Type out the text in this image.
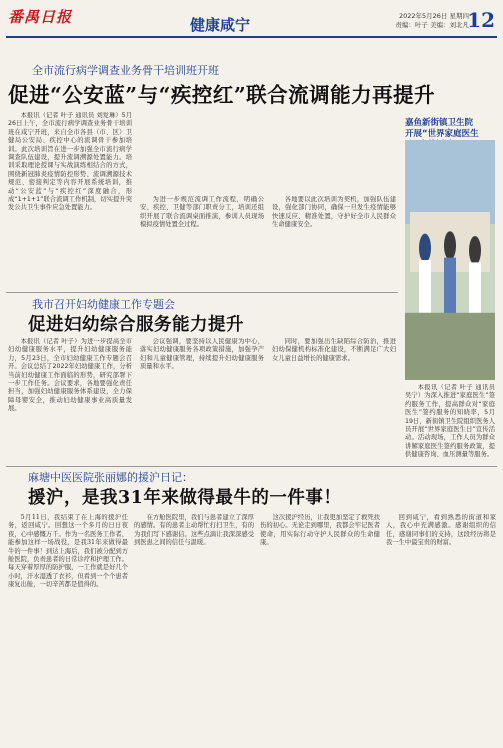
番禺日报	健康咸宁	2022年5月26日 星期四
责编：叶子 美编：刘北凡
12
全市流行病学调查业务骨干培训班开班
促进“公安蓝”与“疾控红”联合流调能力再提升

本报讯（记者 叶子 通讯员 刘爱琳）5月26日上午，全市流行病学调查业务骨干培训班在咸宁开班，来自全市各县（市、区）卫健局公安局、疾控中心的流调骨干参加培训。此次培训旨在进一步加强全市流行病学调查队伍建设，提升流调溯源处置能力。培训采取理论授课与实战演练相结合的方式，围绕新冠肺炎疫情防控形势、流调溯源技术规范、密接判定等内容开展系统培训，推动“公安蓝”与“疾控红”深度融合，形成“1+1+1”联合流调工作机制，切实提升突发公共卫生事件应急处置能力。

为进一步规范流调工作流程，明确公安、疾控、卫健等部门职责分工，培训还组织开展了联合流调桌面推演，参训人员现场模拟疫情处置全过程。

各地要以此次培训为契机，加强队伍建设，强化部门协同，确保一旦发生疫情能够快速反应、精准处置，守护好全市人民群众生命健康安全。

嘉鱼新街镇卫生院
开展“世界家庭医生
我市召开妇幼健康工作专题会
促进妇幼综合服务能力提升

本报讯（记者 叶子）为进一步提高全市妇幼健康服务水平，提升妇幼健康服务能力，5月23日，全市妇幼健康工作专题会召开。会议总结了2022年妇幼健康工作，分析当前妇幼健康工作面临的形势，研究部署下一步工作任务。会议要求，各地要强化责任担当，加强妇幼健康服务体系建设，全力保障母婴安全，推动妇幼健康事业高质量发展。

会议强调，要坚持以人民健康为中心，落实妇幼健康服务各项政策措施，加强孕产妇和儿童健康管理，持续提升妇幼健康服务质量和水平。

同时，要加强出生缺陷综合防治，推进妇幼保健机构标准化建设，不断满足广大妇女儿童日益增长的健康需求。

本报讯（记者 叶子 通讯员 吴宁）为深入推进“家庭医生”签约服务工作，提高群众对“家庭医生”签约服务的知晓率，5月19日，新街镇卫生院组织医务人员开展“世界家庭医生日”宣传活动。活动现场，工作人员为群众讲解家庭医生签约服务政策，提供健康咨询、血压测量等服务。

麻塘中医医院张丽娜的援沪日记：
援沪，是我31年来做得最牛的一件事！

5月11日，我结束了在上海的援沪任务，返回咸宁。回想这一个多月的日日夜夜，心中感慨万千。作为一名医务工作者，能参加这样一场战役，是我31年来做得最牛的一件事！到达上海后，我们被分配到方舱医院，负责患者的日常诊疗和护理工作。每天穿着厚厚的防护服，一工作就是好几个小时，汗水湿透了衣衫，但看到一个个患者康复出舱，一切辛苦都是值得的。

在方舱医院里，我们与患者建立了深厚的感情。有的患者主动帮忙打扫卫生，有的为我们写下感谢信。这些点滴让我深深感受到医患之间的信任与温暖。

这次援沪经历，让我更加坚定了救死扶伤的初心。无论走到哪里，我都会牢记医者使命，用实际行动守护人民群众的生命健康。

回到咸宁，看到熟悉的街道和家人，我心中充满感激。感谢组织的信任，感谢同事们的支持，这段经历将是我一生中最宝贵的财富。
